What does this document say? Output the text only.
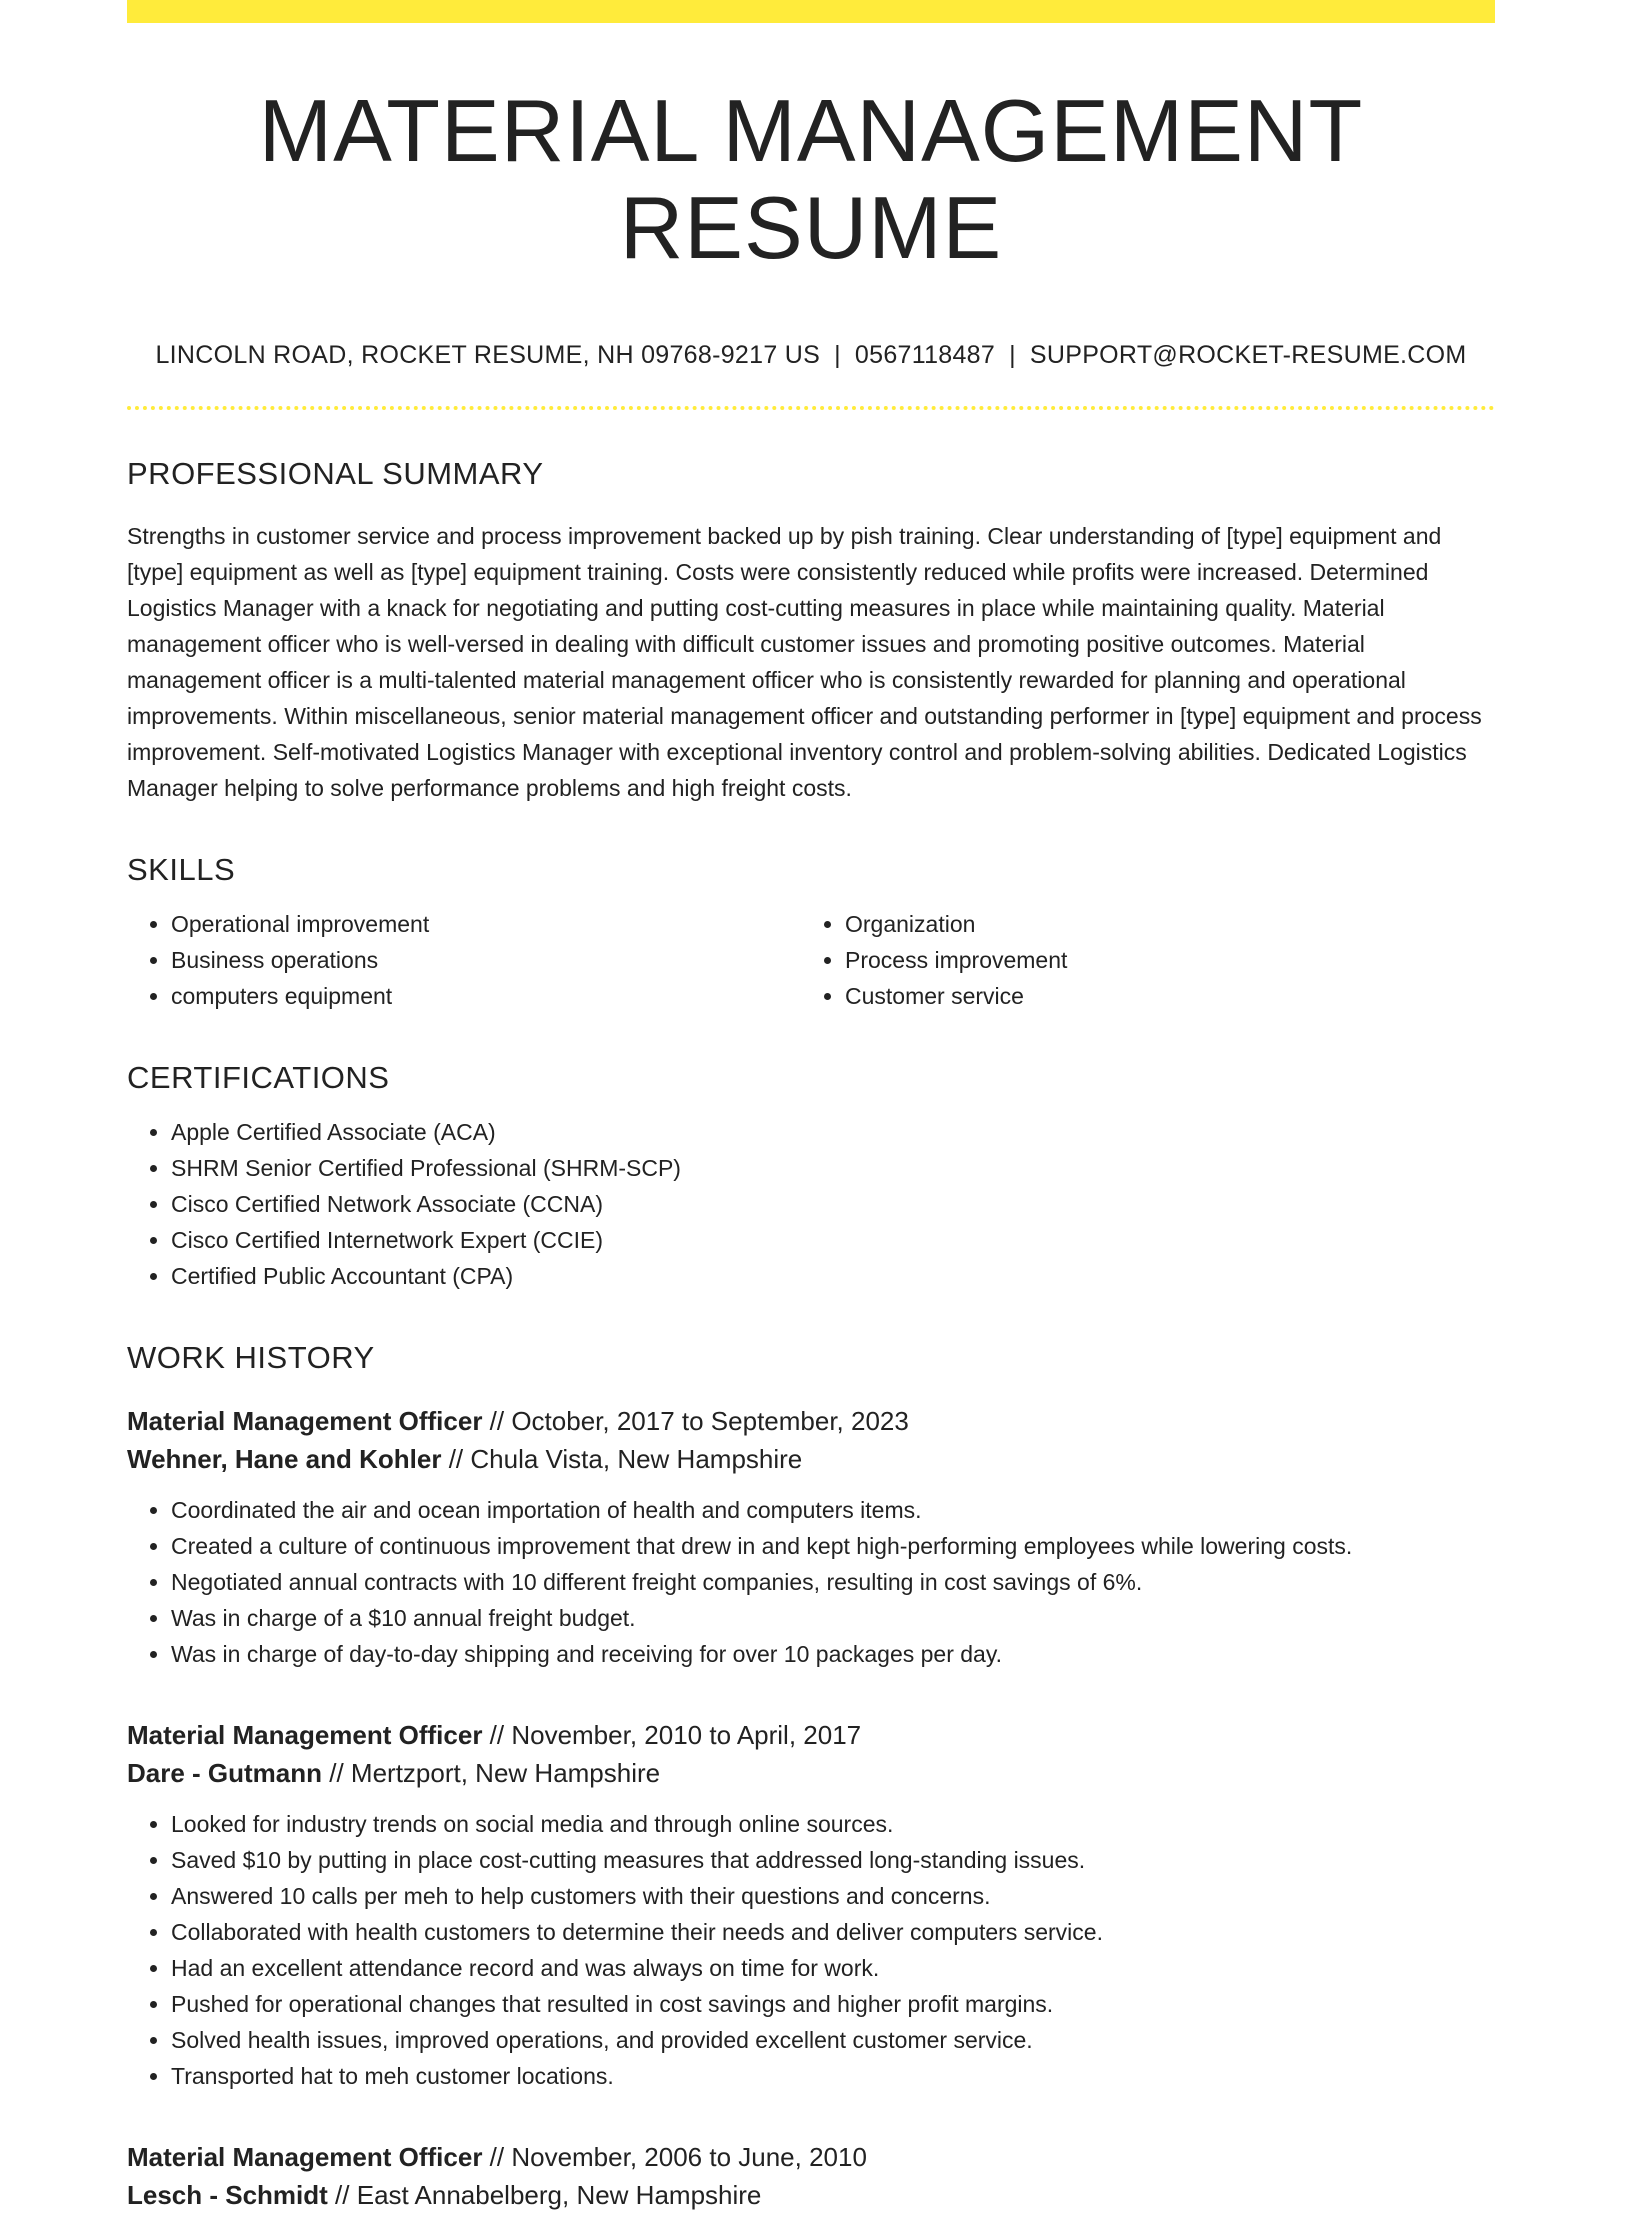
MATERIAL MANAGEMENT RESUME
LINCOLN ROAD, ROCKET RESUME, NH 09768-9217 US | 0567118487 | SUPPORT@ROCKET-RESUME.COM
PROFESSIONAL SUMMARY
Strengths in customer service and process improvement backed up by pish training. Clear understanding of [type] equipment and [type] equipment as well as [type] equipment training. Costs were consistently reduced while profits were increased. Determined Logistics Manager with a knack for negotiating and putting cost-cutting measures in place while maintaining quality. Material management officer who is well-versed in dealing with difficult customer issues and promoting positive outcomes. Material management officer is a multi-talented material management officer who is consistently rewarded for planning and operational improvements. Within miscellaneous, senior material management officer and outstanding performer in [type] equipment and process improvement. Self-motivated Logistics Manager with exceptional inventory control and problem-solving abilities. Dedicated Logistics Manager helping to solve performance problems and high freight costs.
SKILLS
• Operational improvement
• Business operations
• computers equipment
• Organization
• Process improvement
• Customer service
CERTIFICATIONS
• Apple Certified Associate (ACA)
• SHRM Senior Certified Professional (SHRM-SCP)
• Cisco Certified Network Associate (CCNA)
• Cisco Certified Internetwork Expert (CCIE)
• Certified Public Accountant (CPA)
WORK HISTORY
Material Management Officer // October, 2017 to September, 2023
Wehner, Hane and Kohler // Chula Vista, New Hampshire
• Coordinated the air and ocean importation of health and computers items.
• Created a culture of continuous improvement that drew in and kept high-performing employees while lowering costs.
• Negotiated annual contracts with 10 different freight companies, resulting in cost savings of 6%.
• Was in charge of a $10 annual freight budget.
• Was in charge of day-to-day shipping and receiving for over 10 packages per day.
Material Management Officer // November, 2010 to April, 2017
Dare - Gutmann // Mertzport, New Hampshire
• Looked for industry trends on social media and through online sources.
• Saved $10 by putting in place cost-cutting measures that addressed long-standing issues.
• Answered 10 calls per meh to help customers with their questions and concerns.
• Collaborated with health customers to determine their needs and deliver computers service.
• Had an excellent attendance record and was always on time for work.
• Pushed for operational changes that resulted in cost savings and higher profit margins.
• Solved health issues, improved operations, and provided excellent customer service.
• Transported hat to meh customer locations.
Material Management Officer // November, 2006 to June, 2010
Lesch - Schmidt // East Annabelberg, New Hampshire
